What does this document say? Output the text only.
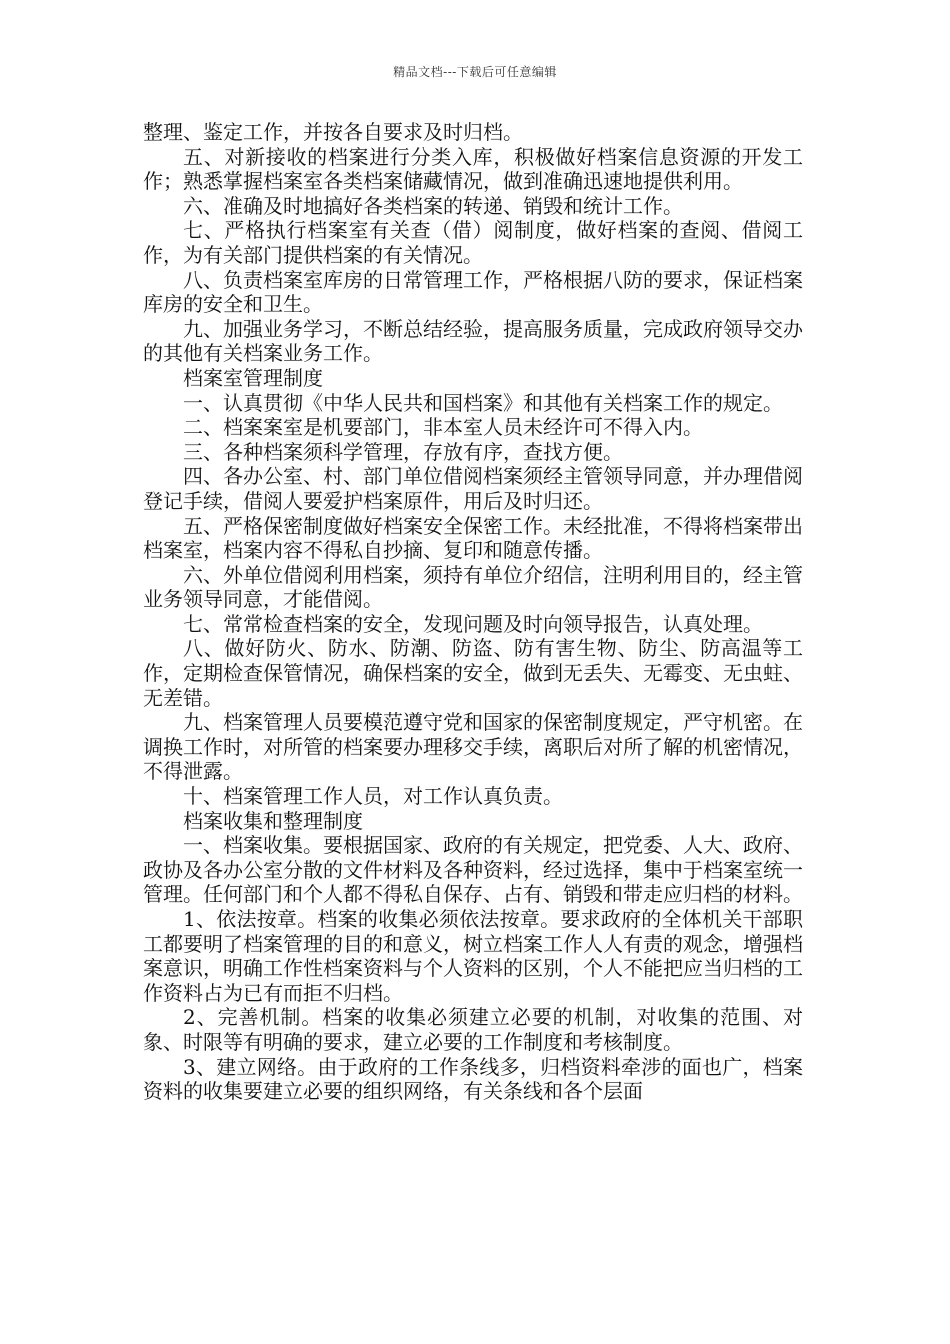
精品文档---下载后可任意编辑

整理、鉴定工作，并按各自要求及时归档。

五、对新接收的档案进行分类入库，积极做好档案信息资源的开发工作；熟悉掌握档案室各类档案储藏情况，做到准确迅速地提供利用。

六、准确及时地搞好各类档案的转递、销毁和统计工作。

七、严格执行档案室有关查（借）阅制度，做好档案的查阅、借阅工作，为有关部门提供档案的有关情况。

八、负责档案室库房的日常管理工作，严格根据八防的要求，保证档案库房的安全和卫生。

九、加强业务学习，不断总结经验，提高服务质量，完成政府领导交办的其他有关档案业务工作。

档案室管理制度

一、认真贯彻《中华人民共和国档案》和其他有关档案工作的规定。

二、档案案室是机要部门，非本室人员未经许可不得入内。

三、各种档案须科学管理，存放有序，查找方便。

四、各办公室、村、部门单位借阅档案须经主管领导同意，并办理借阅登记手续，借阅人要爱护档案原件，用后及时归还。

五、严格保密制度做好档案安全保密工作。未经批准，不得将档案带出档案室，档案内容不得私自抄摘、复印和随意传播。

六、外单位借阅利用档案，须持有单位介绍信，注明利用目的，经主管业务领导同意，才能借阅。

七、常常检查档案的安全，发现问题及时向领导报告，认真处理。

八、做好防火、防水、防潮、防盗、防有害生物、防尘、防高温等工作，定期检查保管情况，确保档案的安全，做到无丢失、无霉变、无虫蛀、无差错。

九、档案管理人员要模范遵守党和国家的保密制度规定，严守机密。在调换工作时，对所管的档案要办理移交手续，离职后对所了解的机密情况，不得泄露。

十、档案管理工作人员，对工作认真负责。

档案收集和整理制度

一、档案收集。要根据国家、政府的有关规定，把党委、人大、政府、政协及各办公室分散的文件材料及各种资料，经过选择，集中于档案室统一管理。任何部门和个人都不得私自保存、占有、销毁和带走应归档的材料。

1、依法按章。档案的收集必须依法按章。要求政府的全体机关干部职工都要明了档案管理的目的和意义，树立档案工作人人有责的观念，增强档案意识，明确工作性档案资料与个人资料的区别，个人不能把应当归档的工作资料占为已有而拒不归档。

2、完善机制。档案的收集必须建立必要的机制，对收集的范围、对象、时限等有明确的要求，建立必要的工作制度和考核制度。

3、建立网络。由于政府的工作条线多，归档资料牵涉的面也广，档案资料的收集要建立必要的组织网络，有关条线和各个层面
